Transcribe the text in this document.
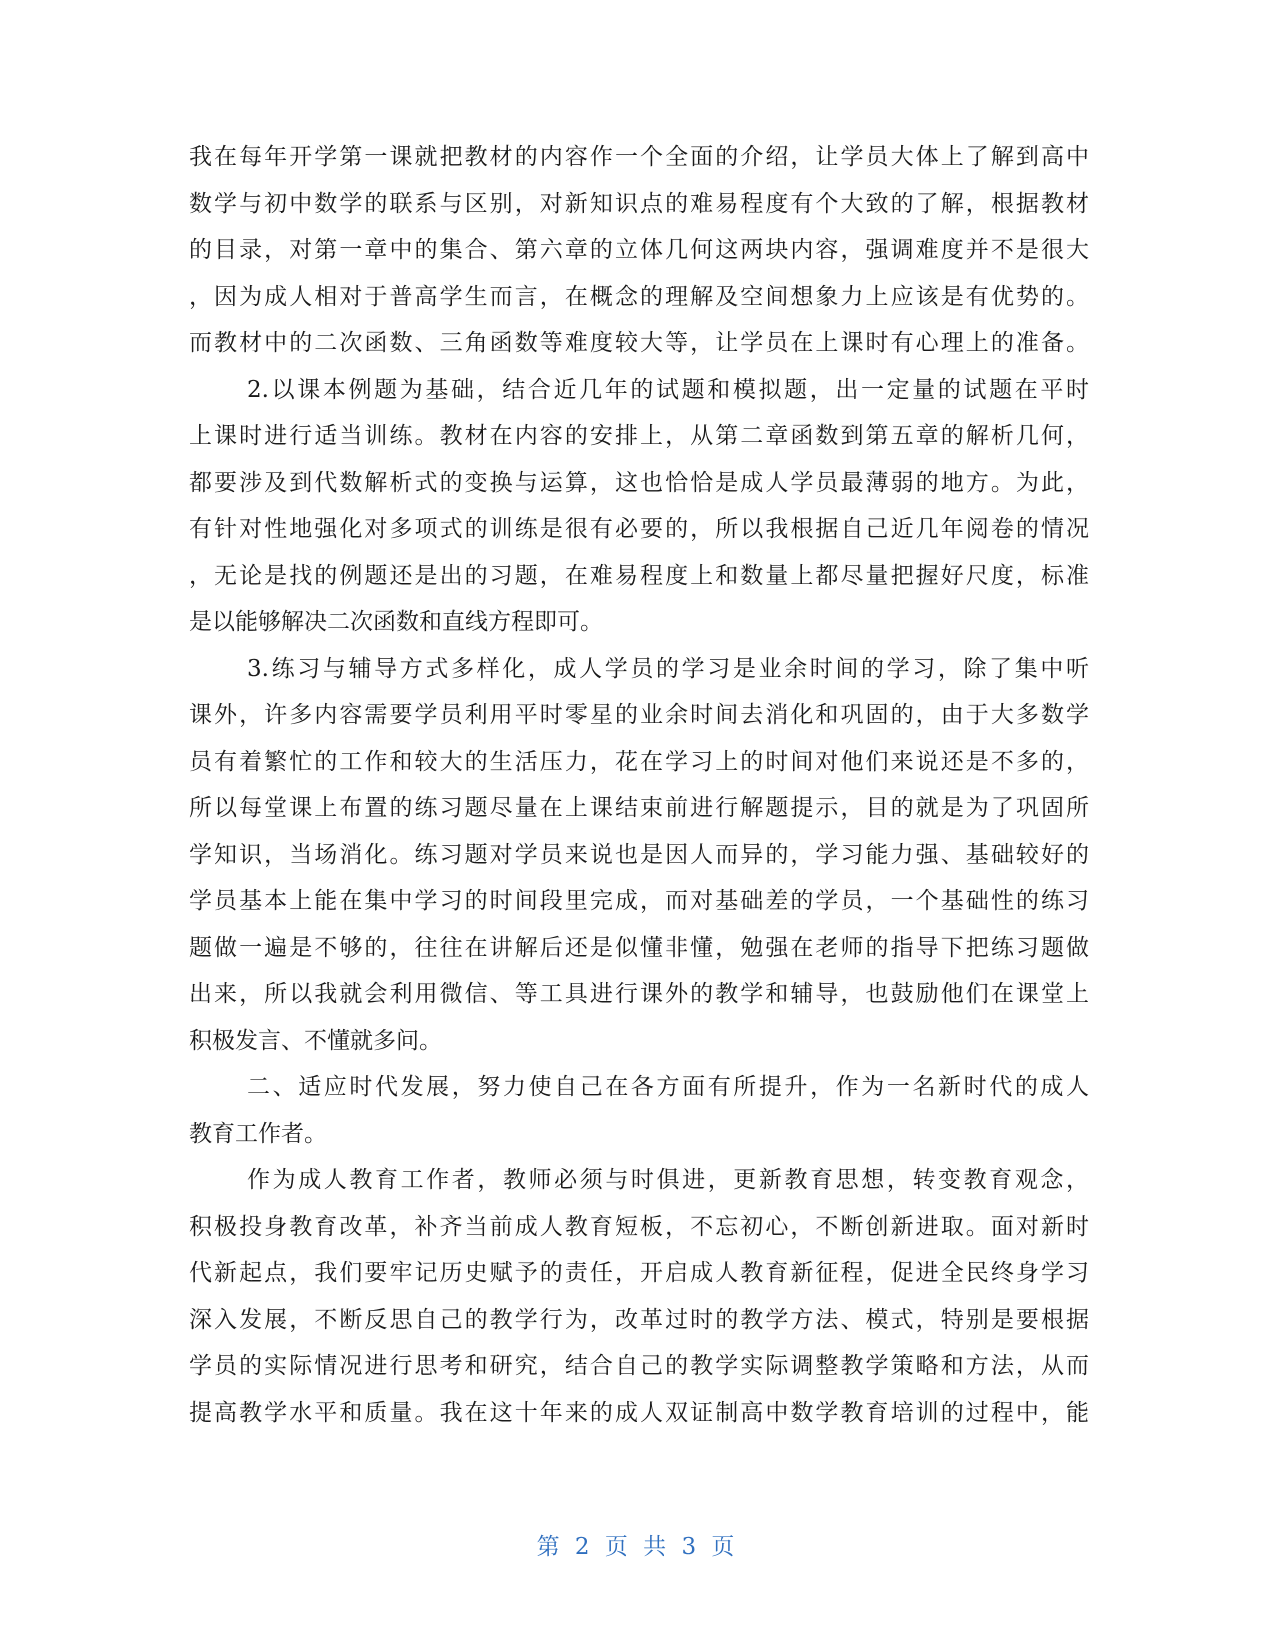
我在每年开学第一课就把教材的内容作一个全面的介绍，让学员大体上了解到高中
数学与初中数学的联系与区别，对新知识点的难易程度有个大致的了解，根据教材
的目录，对第一章中的集合、第六章的立体几何这两块内容，强调难度并不是很大
，因为成人相对于普高学生而言，在概念的理解及空间想象力上应该是有优势的。
而教材中的二次函数、三角函数等难度较大等，让学员在上课时有心理上的准备。
2.以课本例题为基础，结合近几年的试题和模拟题，出一定量的试题在平时
上课时进行适当训练。教材在内容的安排上，从第二章函数到第五章的解析几何，
都要涉及到代数解析式的变换与运算，这也恰恰是成人学员最薄弱的地方。为此，
有针对性地强化对多项式的训练是很有必要的，所以我根据自己近几年阅卷的情况
，无论是找的例题还是出的习题，在难易程度上和数量上都尽量把握好尺度，标准
是以能够解决二次函数和直线方程即可。
3.练习与辅导方式多样化，成人学员的学习是业余时间的学习，除了集中听
课外，许多内容需要学员利用平时零星的业余时间去消化和巩固的，由于大多数学
员有着繁忙的工作和较大的生活压力，花在学习上的时间对他们来说还是不多的，
所以每堂课上布置的练习题尽量在上课结束前进行解题提示，目的就是为了巩固所
学知识，当场消化。练习题对学员来说也是因人而异的，学习能力强、基础较好的
学员基本上能在集中学习的时间段里完成，而对基础差的学员，一个基础性的练习
题做一遍是不够的，往往在讲解后还是似懂非懂，勉强在老师的指导下把练习题做
出来，所以我就会利用微信、等工具进行课外的教学和辅导，也鼓励他们在课堂上
积极发言、不懂就多问。
二、适应时代发展，努力使自己在各方面有所提升，作为一名新时代的成人
教育工作者。
作为成人教育工作者，教师必须与时俱进，更新教育思想，转变教育观念，
积极投身教育改革，补齐当前成人教育短板，不忘初心，不断创新进取。面对新时
代新起点，我们要牢记历史赋予的责任，开启成人教育新征程，促进全民终身学习
深入发展，不断反思自己的教学行为，改革过时的教学方法、模式，特别是要根据
学员的实际情况进行思考和研究，结合自己的教学实际调整教学策略和方法，从而
提高教学水平和质量。我在这十年来的成人双证制高中数学教育培训的过程中，能
第 2 页 共 3 页
